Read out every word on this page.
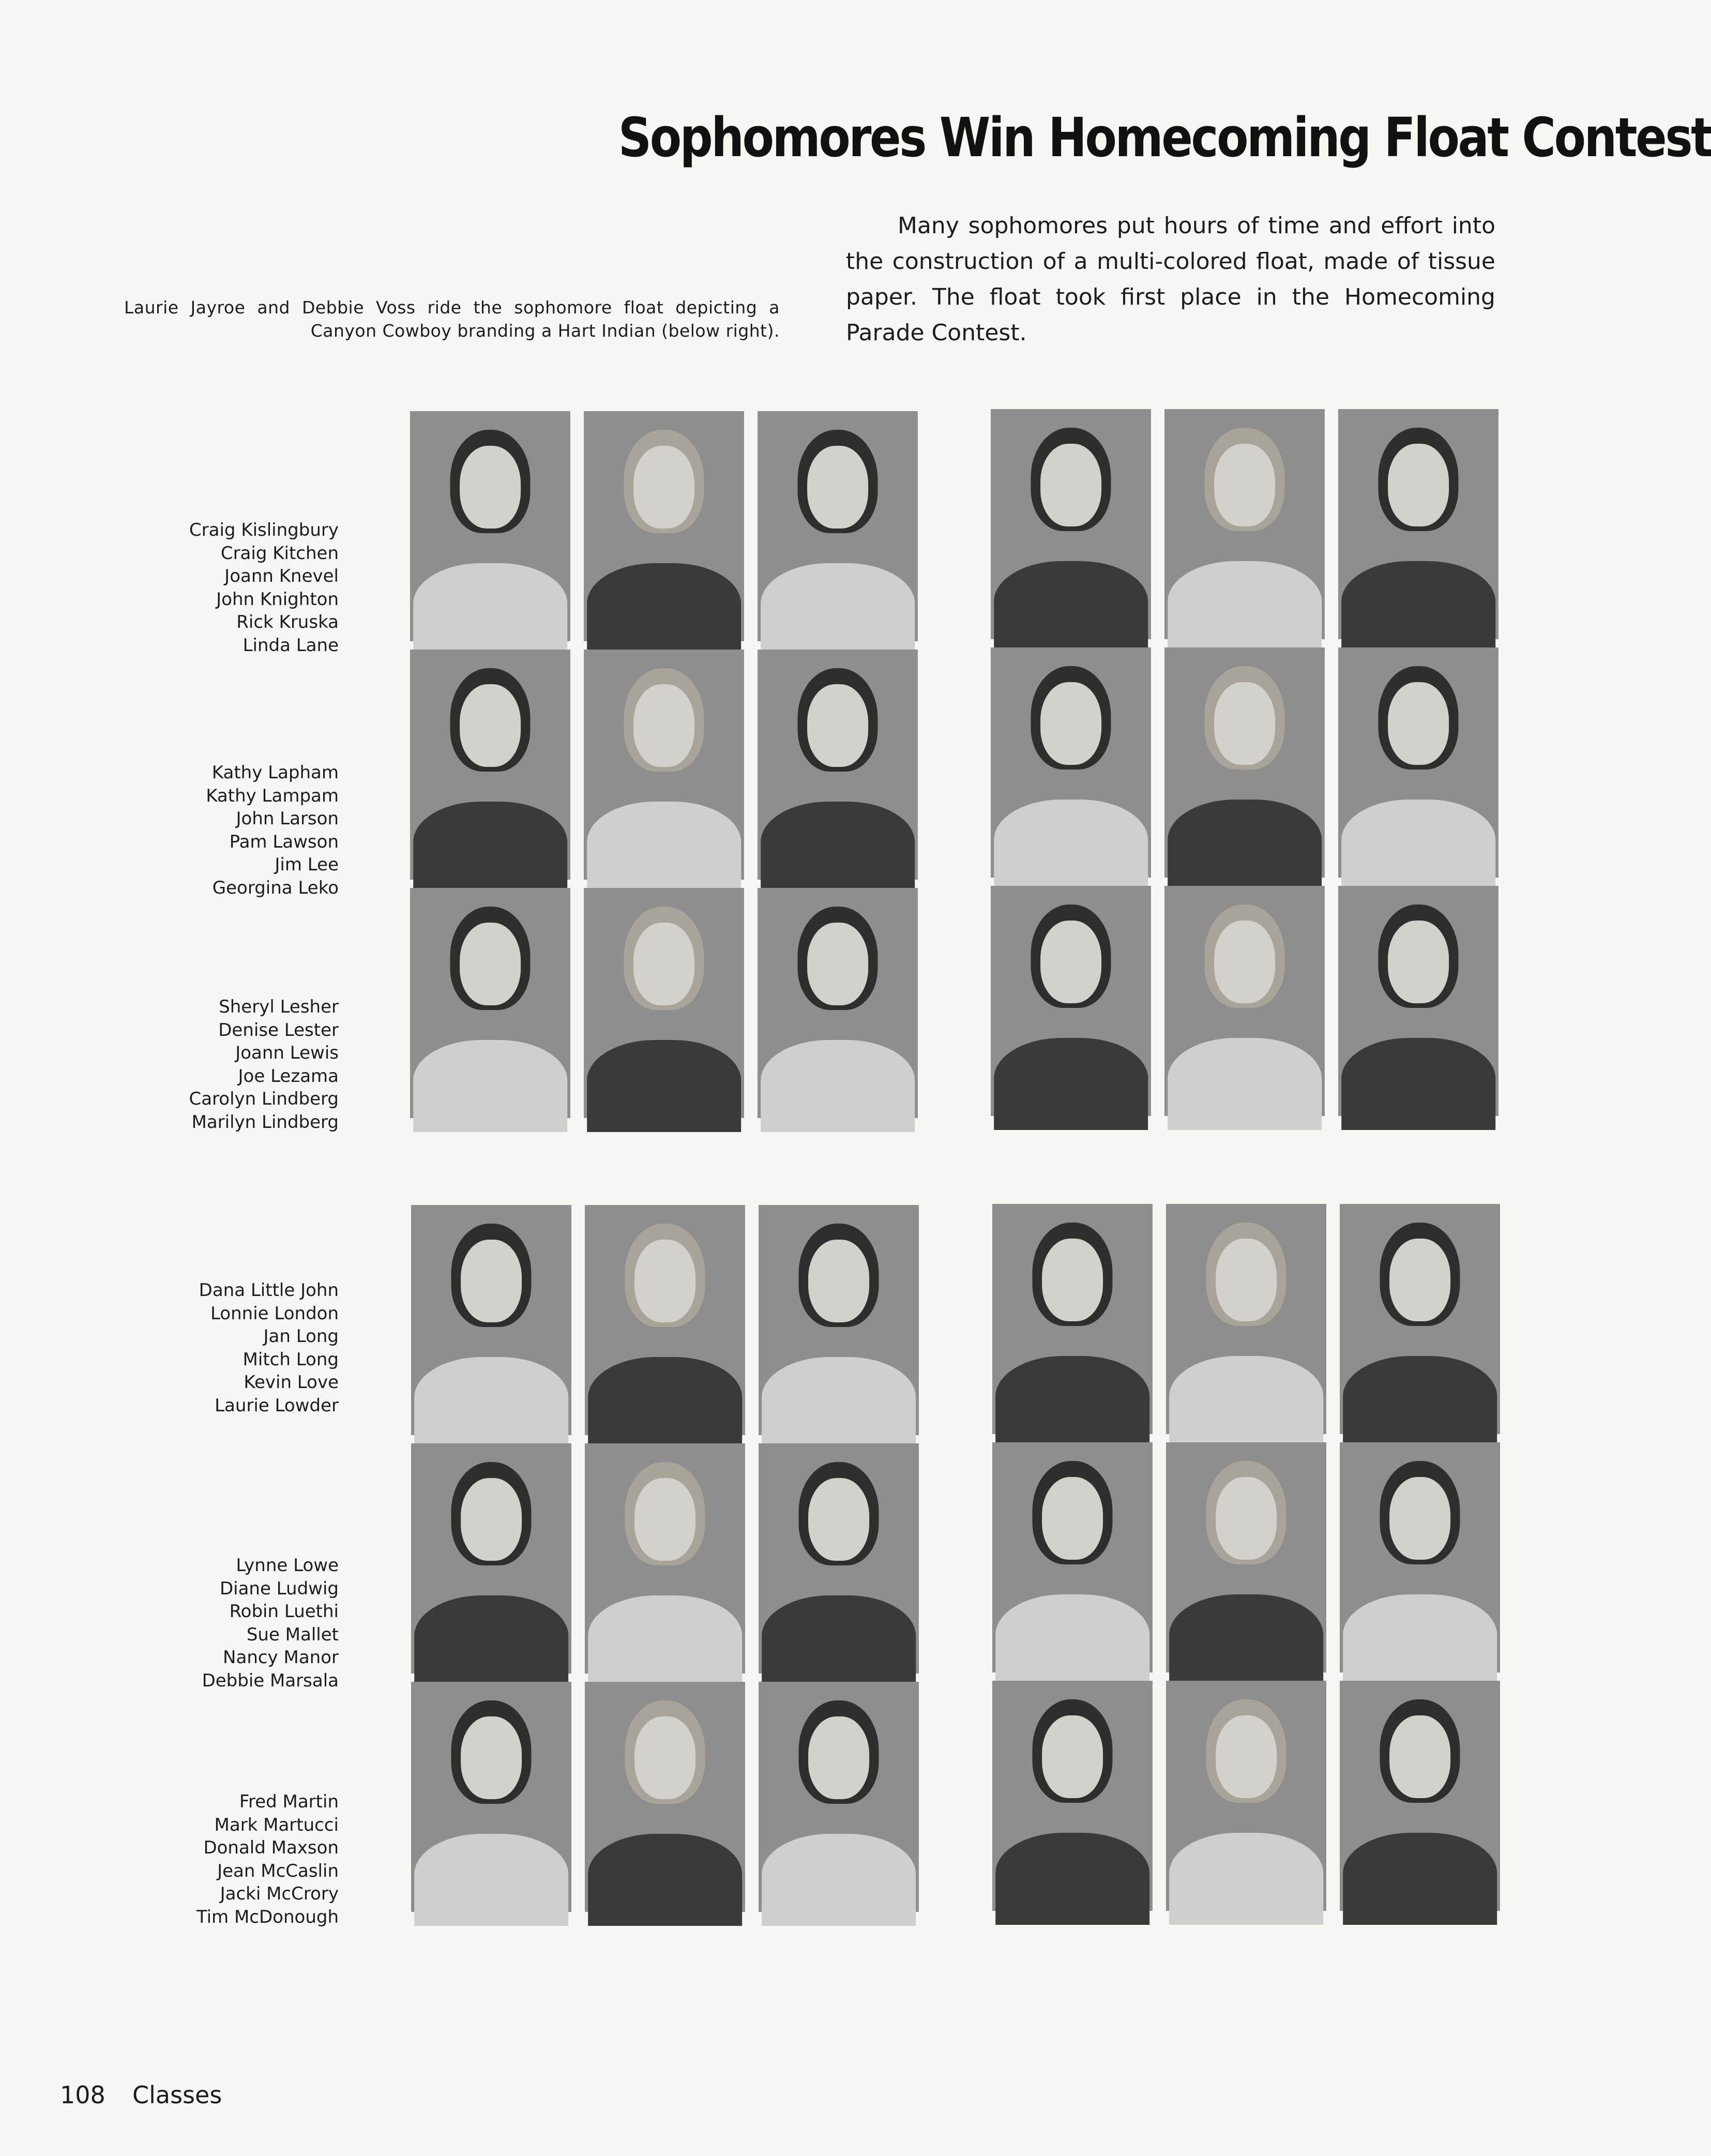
Sophomores Win Homecoming Float Contest
Many sophomores put hours of time and effort into the construction of a multi-colored float, made of tissue paper. The float took first place in the Homecoming Parade Contest.
Laurie Jayroe and Debbie Voss ride the sophomore float depicting a Canyon Cowboy branding a Hart Indian (below right).
Craig Kislingbury
Craig Kitchen
Joann Knevel
John Knighton
Rick Kruska
Linda Lane
Kathy Lapham
Kathy Lampam
John Larson
Pam Lawson
Jim Lee
Georgina Leko
Sheryl Lesher
Denise Lester
Joann Lewis
Joe Lezama
Carolyn Lindberg
Marilyn Lindberg
Dana Little John
Lonnie London
Jan Long
Mitch Long
Kevin Love
Laurie Lowder
Lynne Lowe
Diane Ludwig
Robin Luethi
Sue Mallet
Nancy Manor
Debbie Marsala
Fred Martin
Mark Martucci
Donald Maxson
Jean McCaslin
Jacki McCrory
Tim McDonough
108 Classes
